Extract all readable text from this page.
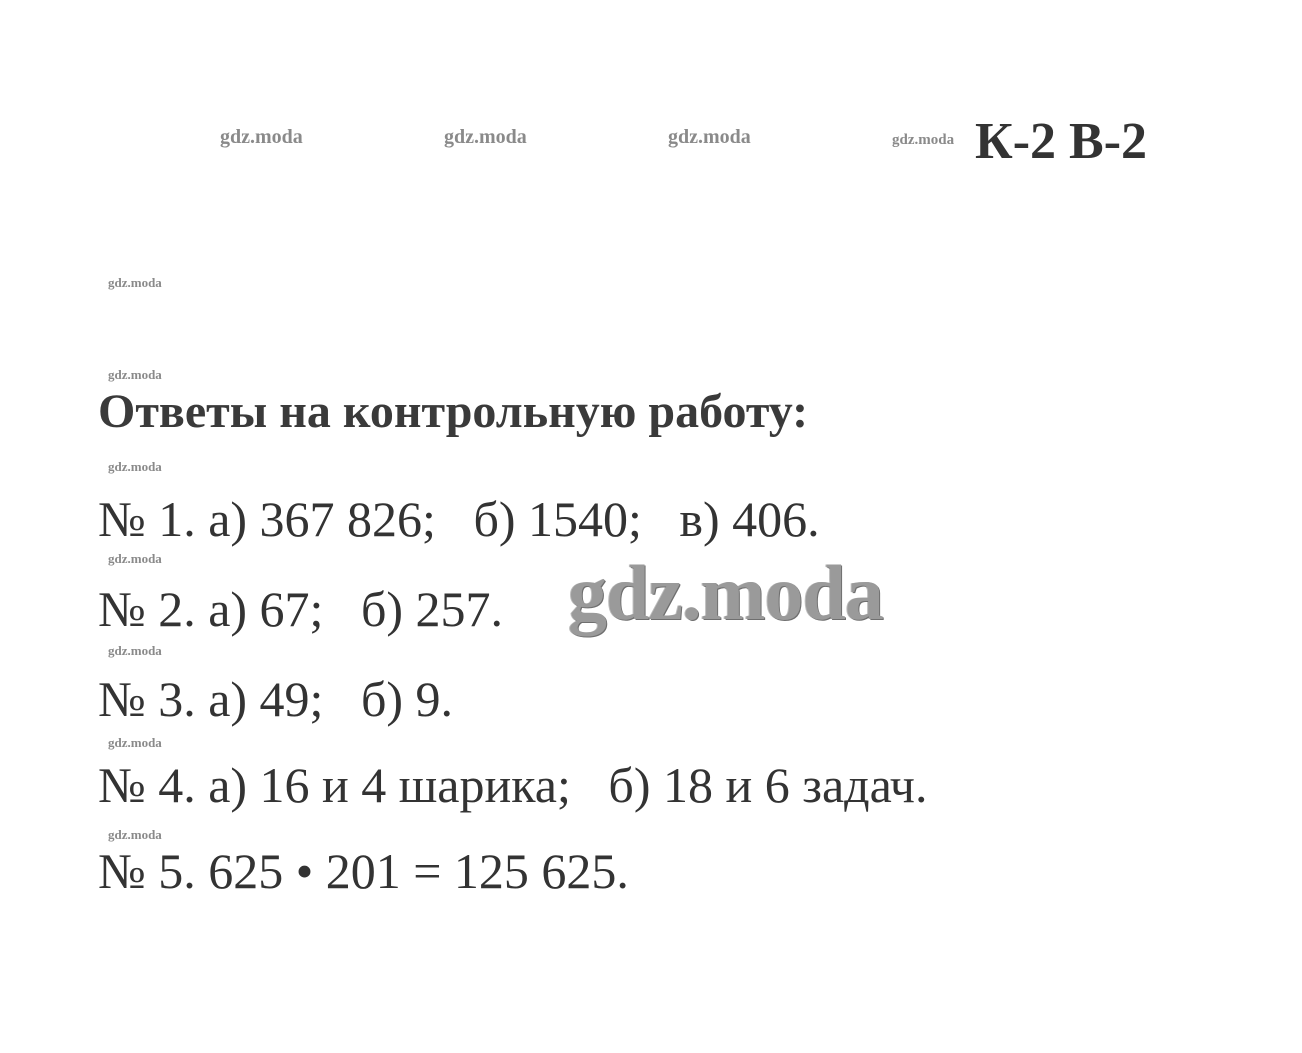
gdz.moda	gdz.moda	gdz.moda	gdz.moda К-2 В-2
gdz.moda
gdz.moda
gdz.moda
gdz.moda
gdz.moda
gdz.moda
gdz.moda
Ответы на контрольную работу:
№ 1. а) 367 826;   б) 1540;   в) 406.
№ 2. а) 67;   б) 257.
№ 3. а) 49;   б) 9.
№ 4. а) 16 и 4 шарика;   б) 18 и 6 задач.
№ 5. 625 • 201 = 125 625.
gdz.moda
